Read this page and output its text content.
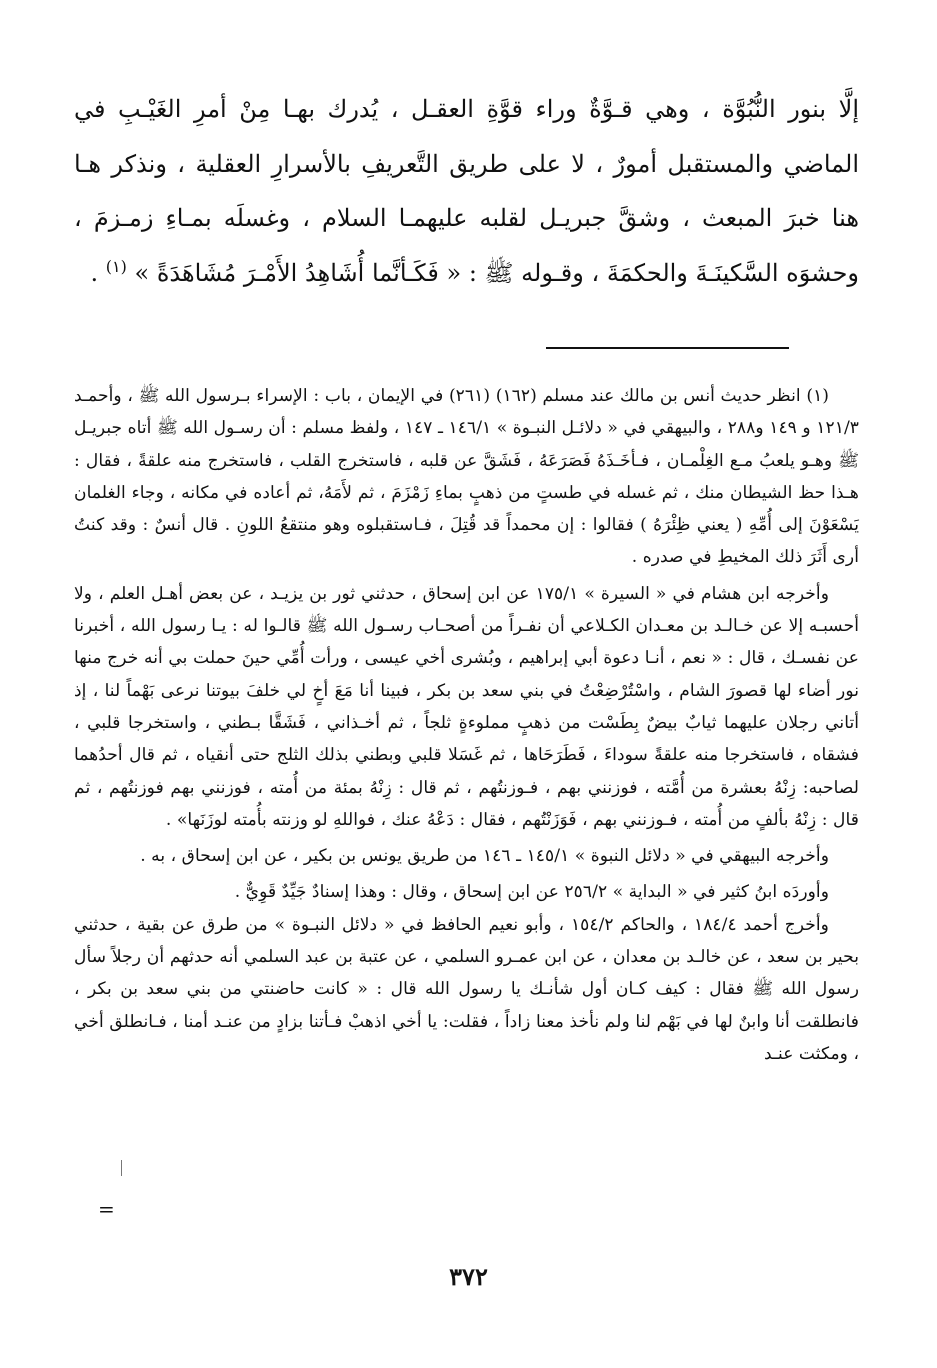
إلَّا بنور النُّبُوَّة ، وهي قـوَّةٌ وراء قوَّةِ العقـل ، يُدرك بهـا مِنْ أمرِ الغَيْـبِ في الماضي والمستقبل أمورٌ ، لا على طريق التَّعريفِ بالأسرارِ العقلية ، ونذكر هـا هنا خبرَ المبعث ، وشقَّ جبريـل لقلبه عليهمـا السلام ، وغسلَه بمـاءِ زمـزمَ ، وحشوَه السَّكينَـةَ والحكمَةَ ، وقـوله ﷺ : « فَكَـأنَّما أُشَاهِدُ الأَمْـرَ مُشَاهَدَةً » $^{(١)}$ .

(١) انظر حديث أنس بن مالك عند مسلم (١٦٢) (٢٦١) في الإيمان ، باب : الإسراء بـرسول الله ﷺ ، وأحمـد ١٢١/٣ و ١٤٩ و٢٨٨ ، والبيهقي في « دلائـل النبـوة » ١٤٦/١ ـ ١٤٧ ، ولفظ مسلم : أن رسـول الله ﷺ أتاه جبريـل ﷺ وهـو يلعبُ مـع الغِلْمـان ، فـأخَـذَهُ فَصَرَعَهُ ، فَشَقَّ عن قلبه ، فاستخرج القلب ، فاستخرج منه علقةً ، فقال : هـذا حظ الشيطان منك ، ثم غسله في طستٍ من ذهبٍ بماءِ زَمْزَمَ ، ثم لأَمَهُ، ثم أعاده في مكانه ، وجاء الغلمان يَسْعَوْنَ إلى أُمِّهِ ( يعني ظِئْرَهُ ) فقالوا : إن محمداً قد قُتِلَ ، فـاستقبلوه وهو منتقعُ اللونِ . قال أنسٌ : وقد كنتُ أرى أَثَرَ ذلك المخيطِ في صدره .

وأخرجه ابن هشام في « السيرة » ١٧٥/١ عن ابن إسحاق ، حدثني ثور بن يزيـد ، عن بعض أهـل العلم ، ولا أحسبـه إلا عن خـالـد بن معـدان الكـلاعي أن نفـراً من أصحـاب رسـول الله ﷺ قالـوا له : يـا رسول الله ، أخبرنا عن نفسـك ، قال : « نعم ، أنـا دعوة أبي إبراهيم ، وبُشرى أخي عيسى ، ورأت أُمِّي حينَ حملت بي أنه خرج منها نور أضاء لها قصورَ الشام ، واسْتُرْضِعْتُ في بني سعد بن بكر ، فبينا أنا مَعَ أخٍ لي خلفَ بيوتنا نرعى بَهْماً لنا ، إذ أتاني رجلان عليهما ثيابٌ بيضٌ بِطَسْت من ذهبٍ مملوءةٍ ثلجاً ، ثم أخـذاني ، فَشَقَّا بـطني ، واستخرجا قلبي ، فشقاه ، فاستخرجا منه علقةً سوداءَ ، فَطَرَحَاها ، ثم غَسَلا قلبي وبطني بذلك الثلج حتى أنقياه ، ثم قال أحدُهما لصاحبه: زِنْهُ بعشرة من أُمَّته ، فوزنني بهم ، فـوزنتُهم ، ثم قال : زِنْهُ بمئة من أُمته ، فوزنني بهم فوزنتُهم ، ثم قال : زِنْهُ بألفٍ من أُمته ، فـوزنني بهم ، فَوَزَنْتُهم ، فقال : دَعْهُ عنك ، فواللهِ لو وزنته بأُمته لوزَنَها» .

وأخرجه البيهقي في « دلائل النبوة » ١٤٥/١ ـ ١٤٦ من طريق يونس بن بكير ، عن ابن إسحاق ، به .

وأوردَه ابنُ كثير في « البداية » ٢٥٦/٢ عن ابن إسحاق ، وقال : وهذا إسنادٌ جَيِّدٌ قَوِيٌّ .

وأخرج أحمد ١٨٤/٤ ، والحاكم ١٥٤/٢ ، وأبو نعيم الحافظ في « دلائل النبـوة » من طرق عن بقية ، حدثني بحير بن سعد ، عن خالـد بن معدان ، عن ابن عمـرو السلمي ، عن عتبة بن عبد السلمي أنه حدثهم أن رجلاً سأل رسول الله ﷺ فقال : كيف كـان أول شأنـك يا رسول الله قال : « كانت حاضنتي من بني سعد بن بكر ، فانطلقت أنا وابنٌ لها في بَهْم لنا ولم نأخذ معنا زاداً ، فقلت: يا أخي اذهبْ فـأتنا بزادٍ من عنـد أمنا ، فـانطلق أخي ، ومكثت عنـد

=
٣٧٢
